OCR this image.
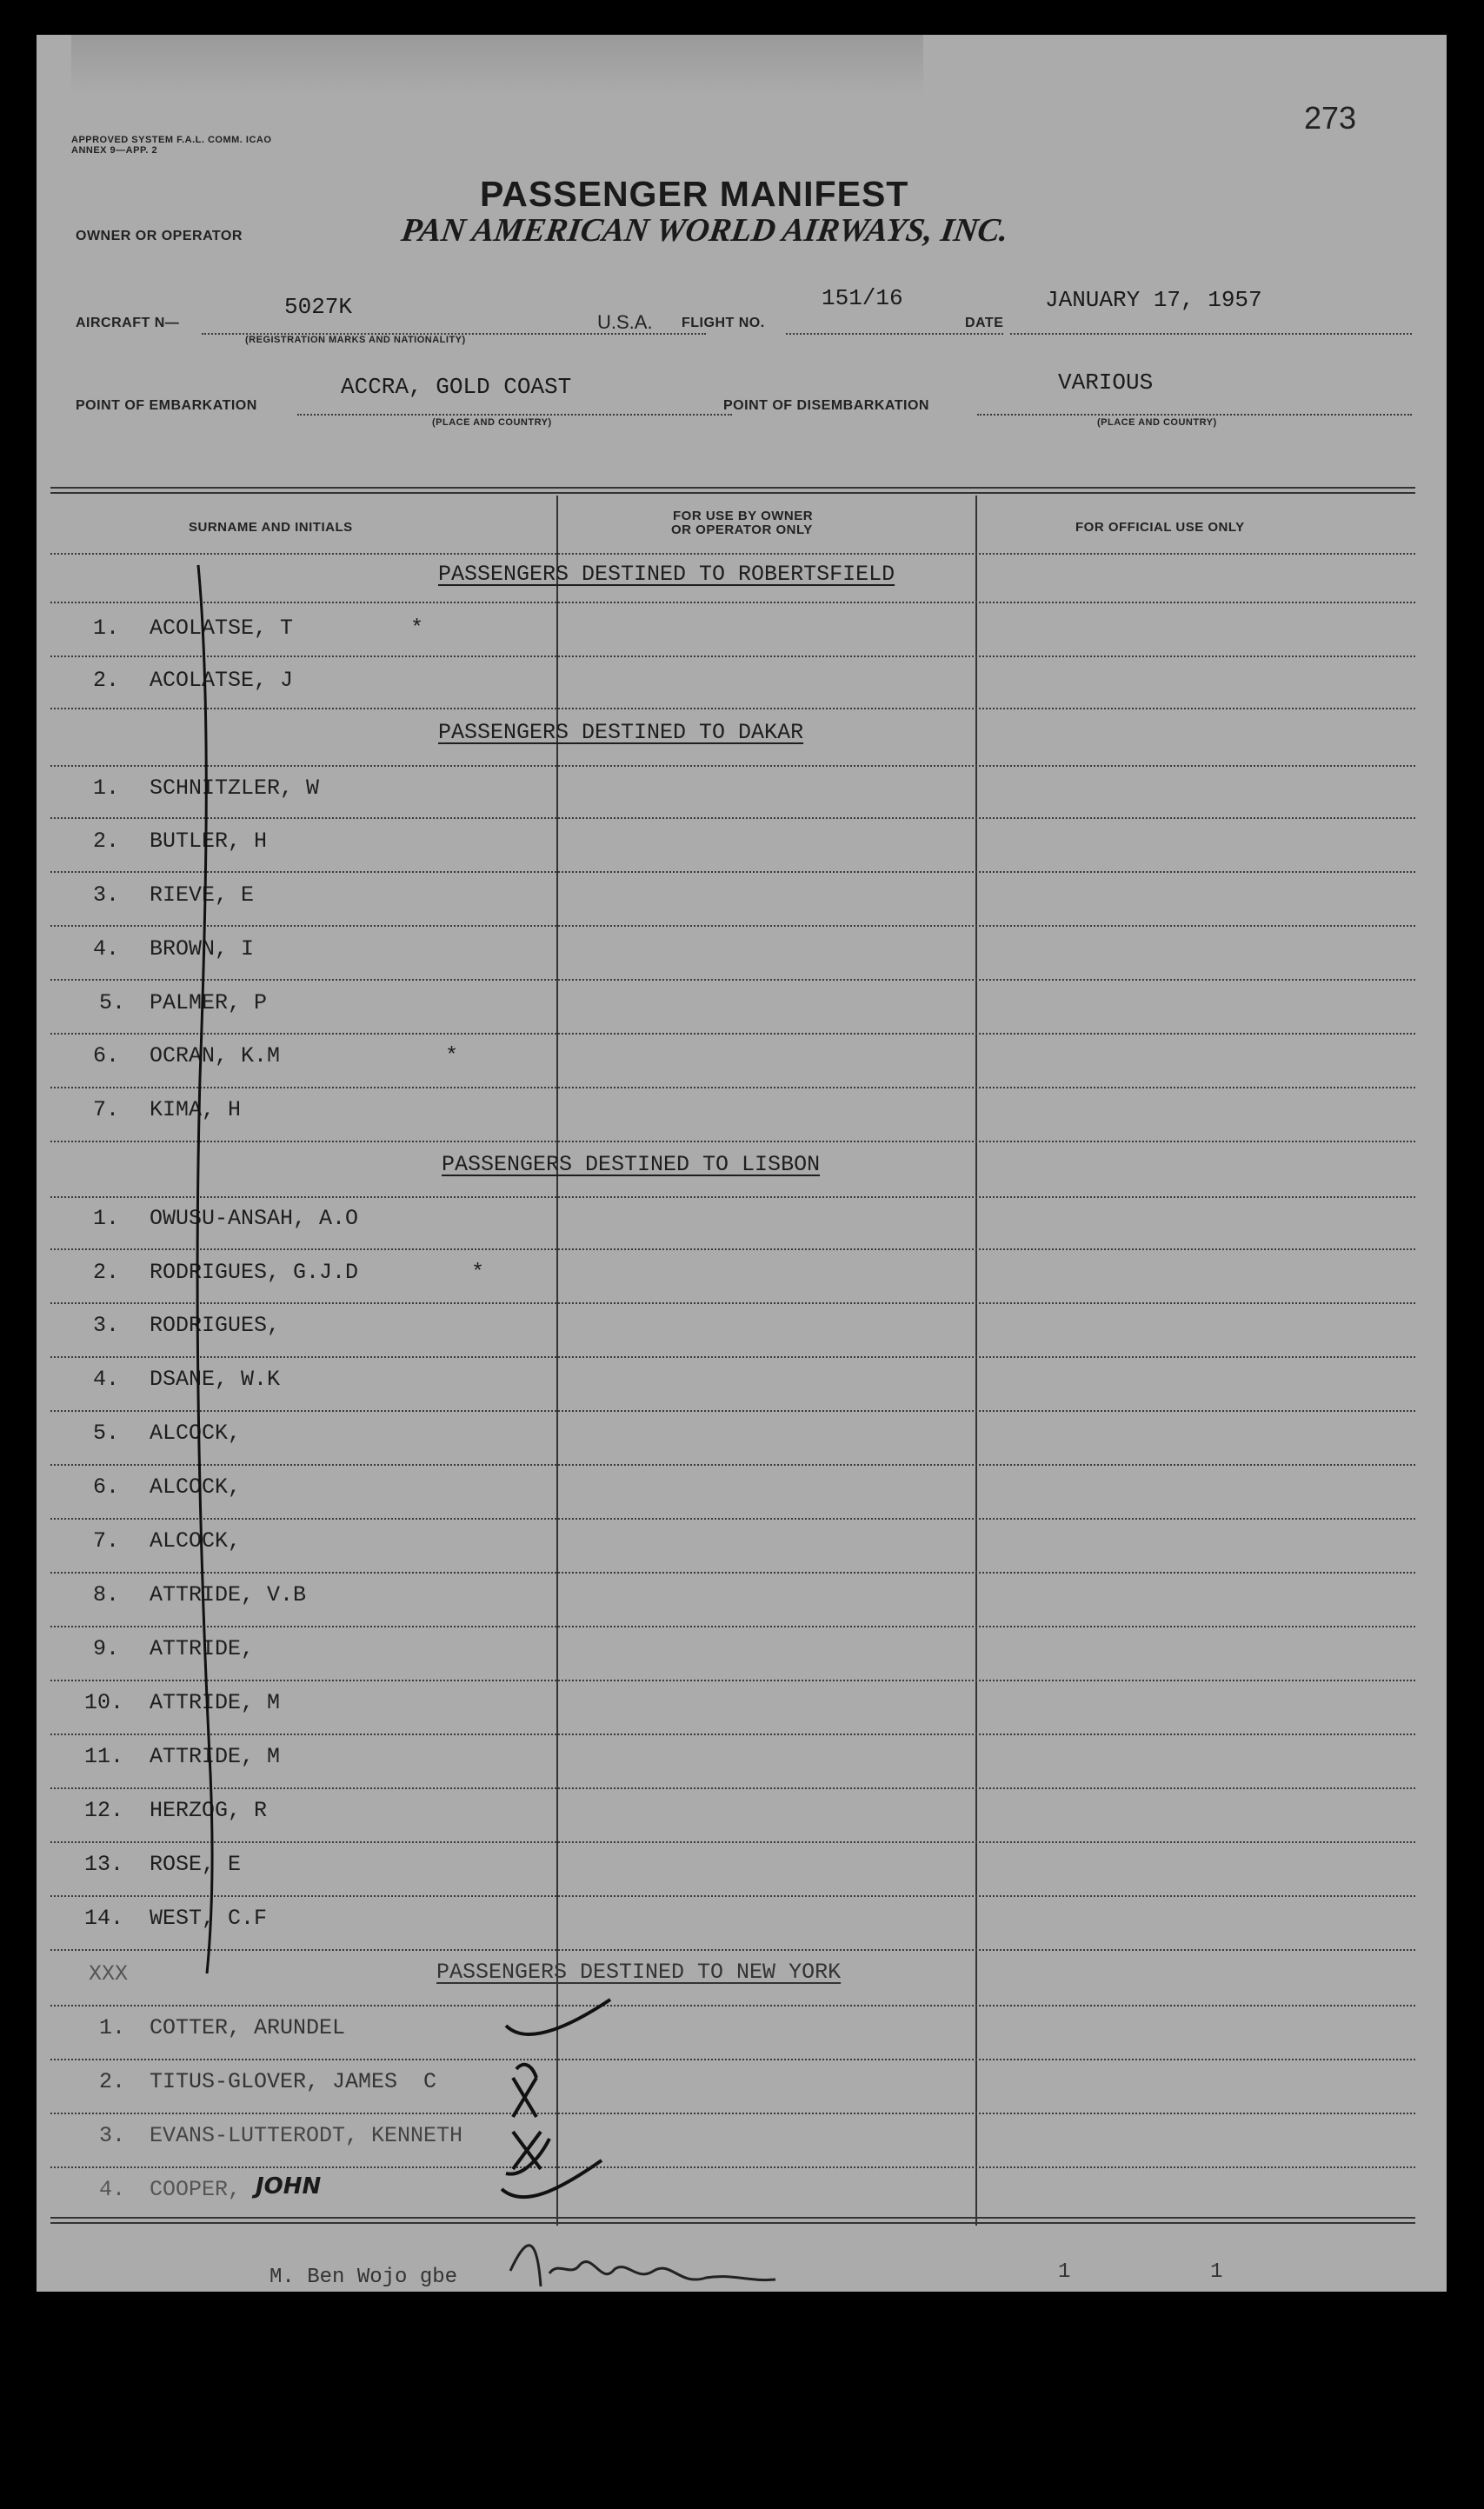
273
APPROVED SYSTEM F.A.L. COMM. ICAO ANNEX 9—APP. 2
PASSENGER MANIFEST
OWNER OR OPERATOR	PAN AMERICAN WORLD AIRWAYS, INC.
AIRCRAFT N—
5027K
(REGISTRATION MARKS AND NATIONALITY)
U.S.A. FLIGHT NO.
151/16
DATE
JANUARY 17, 1957
POINT OF EMBARKATION
ACCRA, GOLD COAST
(PLACE AND COUNTRY)
POINT OF DISEMBARKATION
VARIOUS
(PLACE AND COUNTRY)
SURNAME AND INITIALS
FOR USE BY OWNER
OR OPERATOR ONLY	FOR OFFICIAL USE ONLY
PASSENGERS DESTINED TO ROBERTSFIELD
1. ACOLATSE, T	*
2. ACOLATSE, J
PASSENGERS DESTINED TO DAKAR
1. SCHNITZLER, W
2. BUTLER, H
3. RIEVE, E
4. BROWN, I
5. PALMER, P
6. OCRAN, K.M	*
7. KIMA, H
PASSENGERS DESTINED TO LISBON
1. OWUSU-ANSAH, A.O
2. RODRIGUES, G.J.D	*
3. RODRIGUES,
4. DSANE, W.K
5. ALCOCK,
6. ALCOCK,
7. ALCOCK,
8. ATTRIDE, V.B
9. ATTRIDE,
10. ATTRIDE, M
11. ATTRIDE, M
12. HERZOG, R
13. ROSE, E
14. WEST, C.F
XXX	PASSENGERS DESTINED TO NEW YORK
1. COTTER, ARUNDEL
2. TITUS-GLOVER, JAMES  C
3. EVANS-LUTTERODT, KENNETH
4. COOPER, JOHN
M. Ben Wojo gbe	1	1
